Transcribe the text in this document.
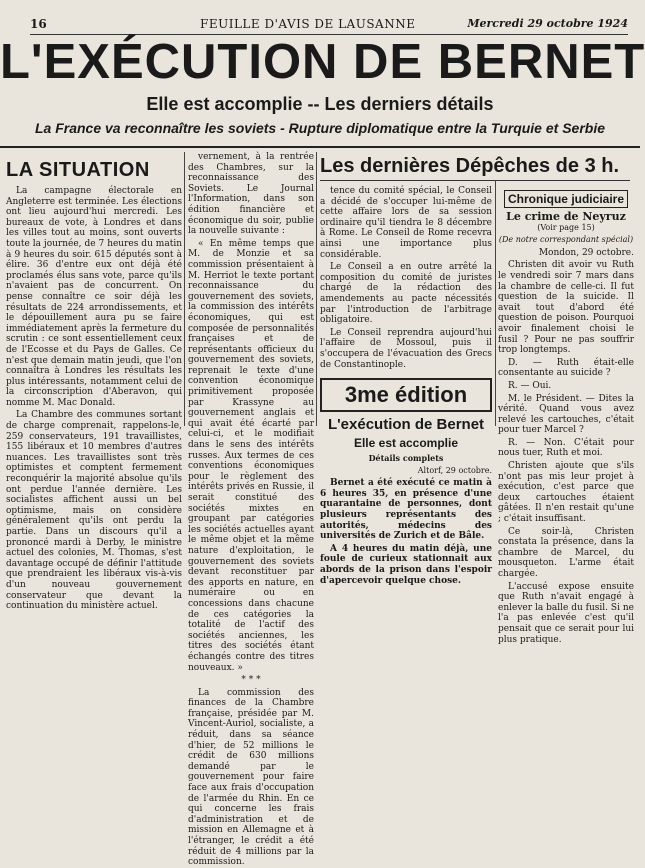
16	FEUILLE D'AVIS DE LAUSANNE	Mercredi 29 octobre 1924
L'EXÉCUTION DE BERNET
Elle est accomplie -- Les derniers détails
La France va reconnaître les soviets - Rupture diplomatique entre la Turquie et Serbie
LA SITUATION

La campagne électorale en Angleterre est terminée. Les élections ont lieu aujourd'hui mercredi. Les bureaux de vote, à Londres et dans les villes tout au moins, sont ouverts toute la journée, de 7 heures du matin à 9 heures du soir. 615 députés sont à élire. 36 d'entre eux ont déjà été proclamés élus sans vote, parce qu'ils n'avaient pas de concurrent. On pense connaître ce soir déjà les résultats de 224 arrondissements, et le dépouillement aura pu se faire immédiatement après la fermeture du scrutin : ce sont essentiellement ceux de l'Ecosse et du Pays de Galles. Ce n'est que demain matin jeudi, que l'on connaîtra à Londres les résultats les plus intéressants, notamment celui de la circonscription d'Aberavon, qui nomme M. Mac Donald.

La Chambre des communes sortant de charge comprenait, rappelons-le, 259 conservateurs, 191 travaillistes, 155 libéraux et 10 membres d'autres nuances. Les travaillistes sont très optimistes et comptent fermement reconquérir la majorité absolue qu'ils ont perdue l'année dernière. Les socialistes affichent aussi un bel optimisme, mais on considère généralement qu'ils ont perdu la partie. Dans un discours qu'il a prononcé mardi à Derby, le ministre actuel des colonies, M. Thomas, s'est davantage occupé de définir l'attitude que prendraient les libéraux vis-à-vis d'un nouveau gouvernement conservateur que devant la continuation du ministère actuel.

vernement, à la rentrée des Chambres, sur la reconnaissance des Soviets. Le Journal l'Information, dans son édition financière et économique du soir, publie la nouvelle suivante :

« En même temps que M. de Monzie et sa commission présentaient à M. Herriot le texte portant reconnaissance du gouvernement des soviets, la commission des intérêts économiques, qui est composée de personnalités françaises et de représentants officieux du gouvernement des soviets, reprenait le texte d'une convention économique primitivement proposée par Krassyne au gouvernement anglais et qui avait été écarté par celui-ci, et le modifiait dans le sens des intérêts russes. Aux termes de ces conventions économiques pour le règlement des intérêts privés en Russie, il serait constitué des sociétés mixtes en groupant par catégories les sociétés actuelles ayant le même objet et la même nature d'exploitation, le gouvernement des soviets devant reconstituer par des apports en nature, en numéraire ou en concessions dans chacune de ces catégories la totalité de l'actif des sociétés anciennes, les titres des sociétés étant échangés contre des titres nouveaux. »

* * *

La commission des finances de la Chambre française, présidée par M. Vincent-Auriol, socialiste, a réduit, dans sa séance d'hier, de 52 millions le crédit de 630 millions demandé par le gouvernement pour faire face aux frais d'occupation de l'armée du Rhin. En ce qui concerne les frais d'administration et de mission en Allemagne et à l'étranger, le crédit a été réduit de 4 millions par la commission.

Les dernières Dépêches de 3 h.

tence du comité spécial, le Conseil a décidé de s'occuper lui-même de cette affaire lors de sa session ordinaire qu'il tiendra le 8 décembre à Rome. Le Conseil de Rome recevra ainsi une importance plus considérable.

Le Conseil a en outre arrêté la composition du comité de juristes chargé de la rédaction des amendements au pacte nécessités par l'introduction de l'arbitrage obligatoire.

Le Conseil reprendra aujourd'hui l'affaire de Mossoul, puis il s'occupera de l'évacuation des Grecs de Constantinople.

3me édition
L'exécution de Bernet
Elle est accomplie
Détails complets
Altorf, 29 octobre.

Bernet a été exécuté ce matin à 6 heures 35, en présence d'une quarantaine de personnes, dont plusieurs représentants des autorités, médecins des universités de Zurich et de Bâle.

A 4 heures du matin déjà, une foule de curieux stationnait aux abords de la prison dans l'espoir d'apercevoir quelque chose.

Chronique judiciaire
Le crime de Neyruz
(Voir page 15)
(De notre correspondant spécial)

Mondon, 29 octobre.

Christen dit avoir vu Ruth le vendredi soir 7 mars dans la chambre de celle-ci. Il fut question de la suicide. Il avait tout d'abord été question de poison. Pourquoi avoir finalement choisi le fusil ? Pour ne pas souffrir trop longtemps.

D. — Ruth était-elle consentante au suicide ?

R. — Oui.

M. le Président. — Dites la vérité. Quand vous avez relevé les cartouches, c'était pour tuer Marcel ?

R. — Non. C'était pour nous tuer, Ruth et moi.

Christen ajoute que s'ils n'ont pas mis leur projet à exécution, c'est parce que deux cartouches étaient gâtées. Il n'en restait qu'une ; c'était insuffisant.

Ce soir-là, Christen constata la présence, dans la chambre de Marcel, du mousqueton. L'arme était chargée.

L'accusé expose ensuite que Ruth n'avait engagé à enlever la balle du fusil. Si ne l'a pas enlevée c'est qu'il pensait que ce serait pour lui plus pratique.
